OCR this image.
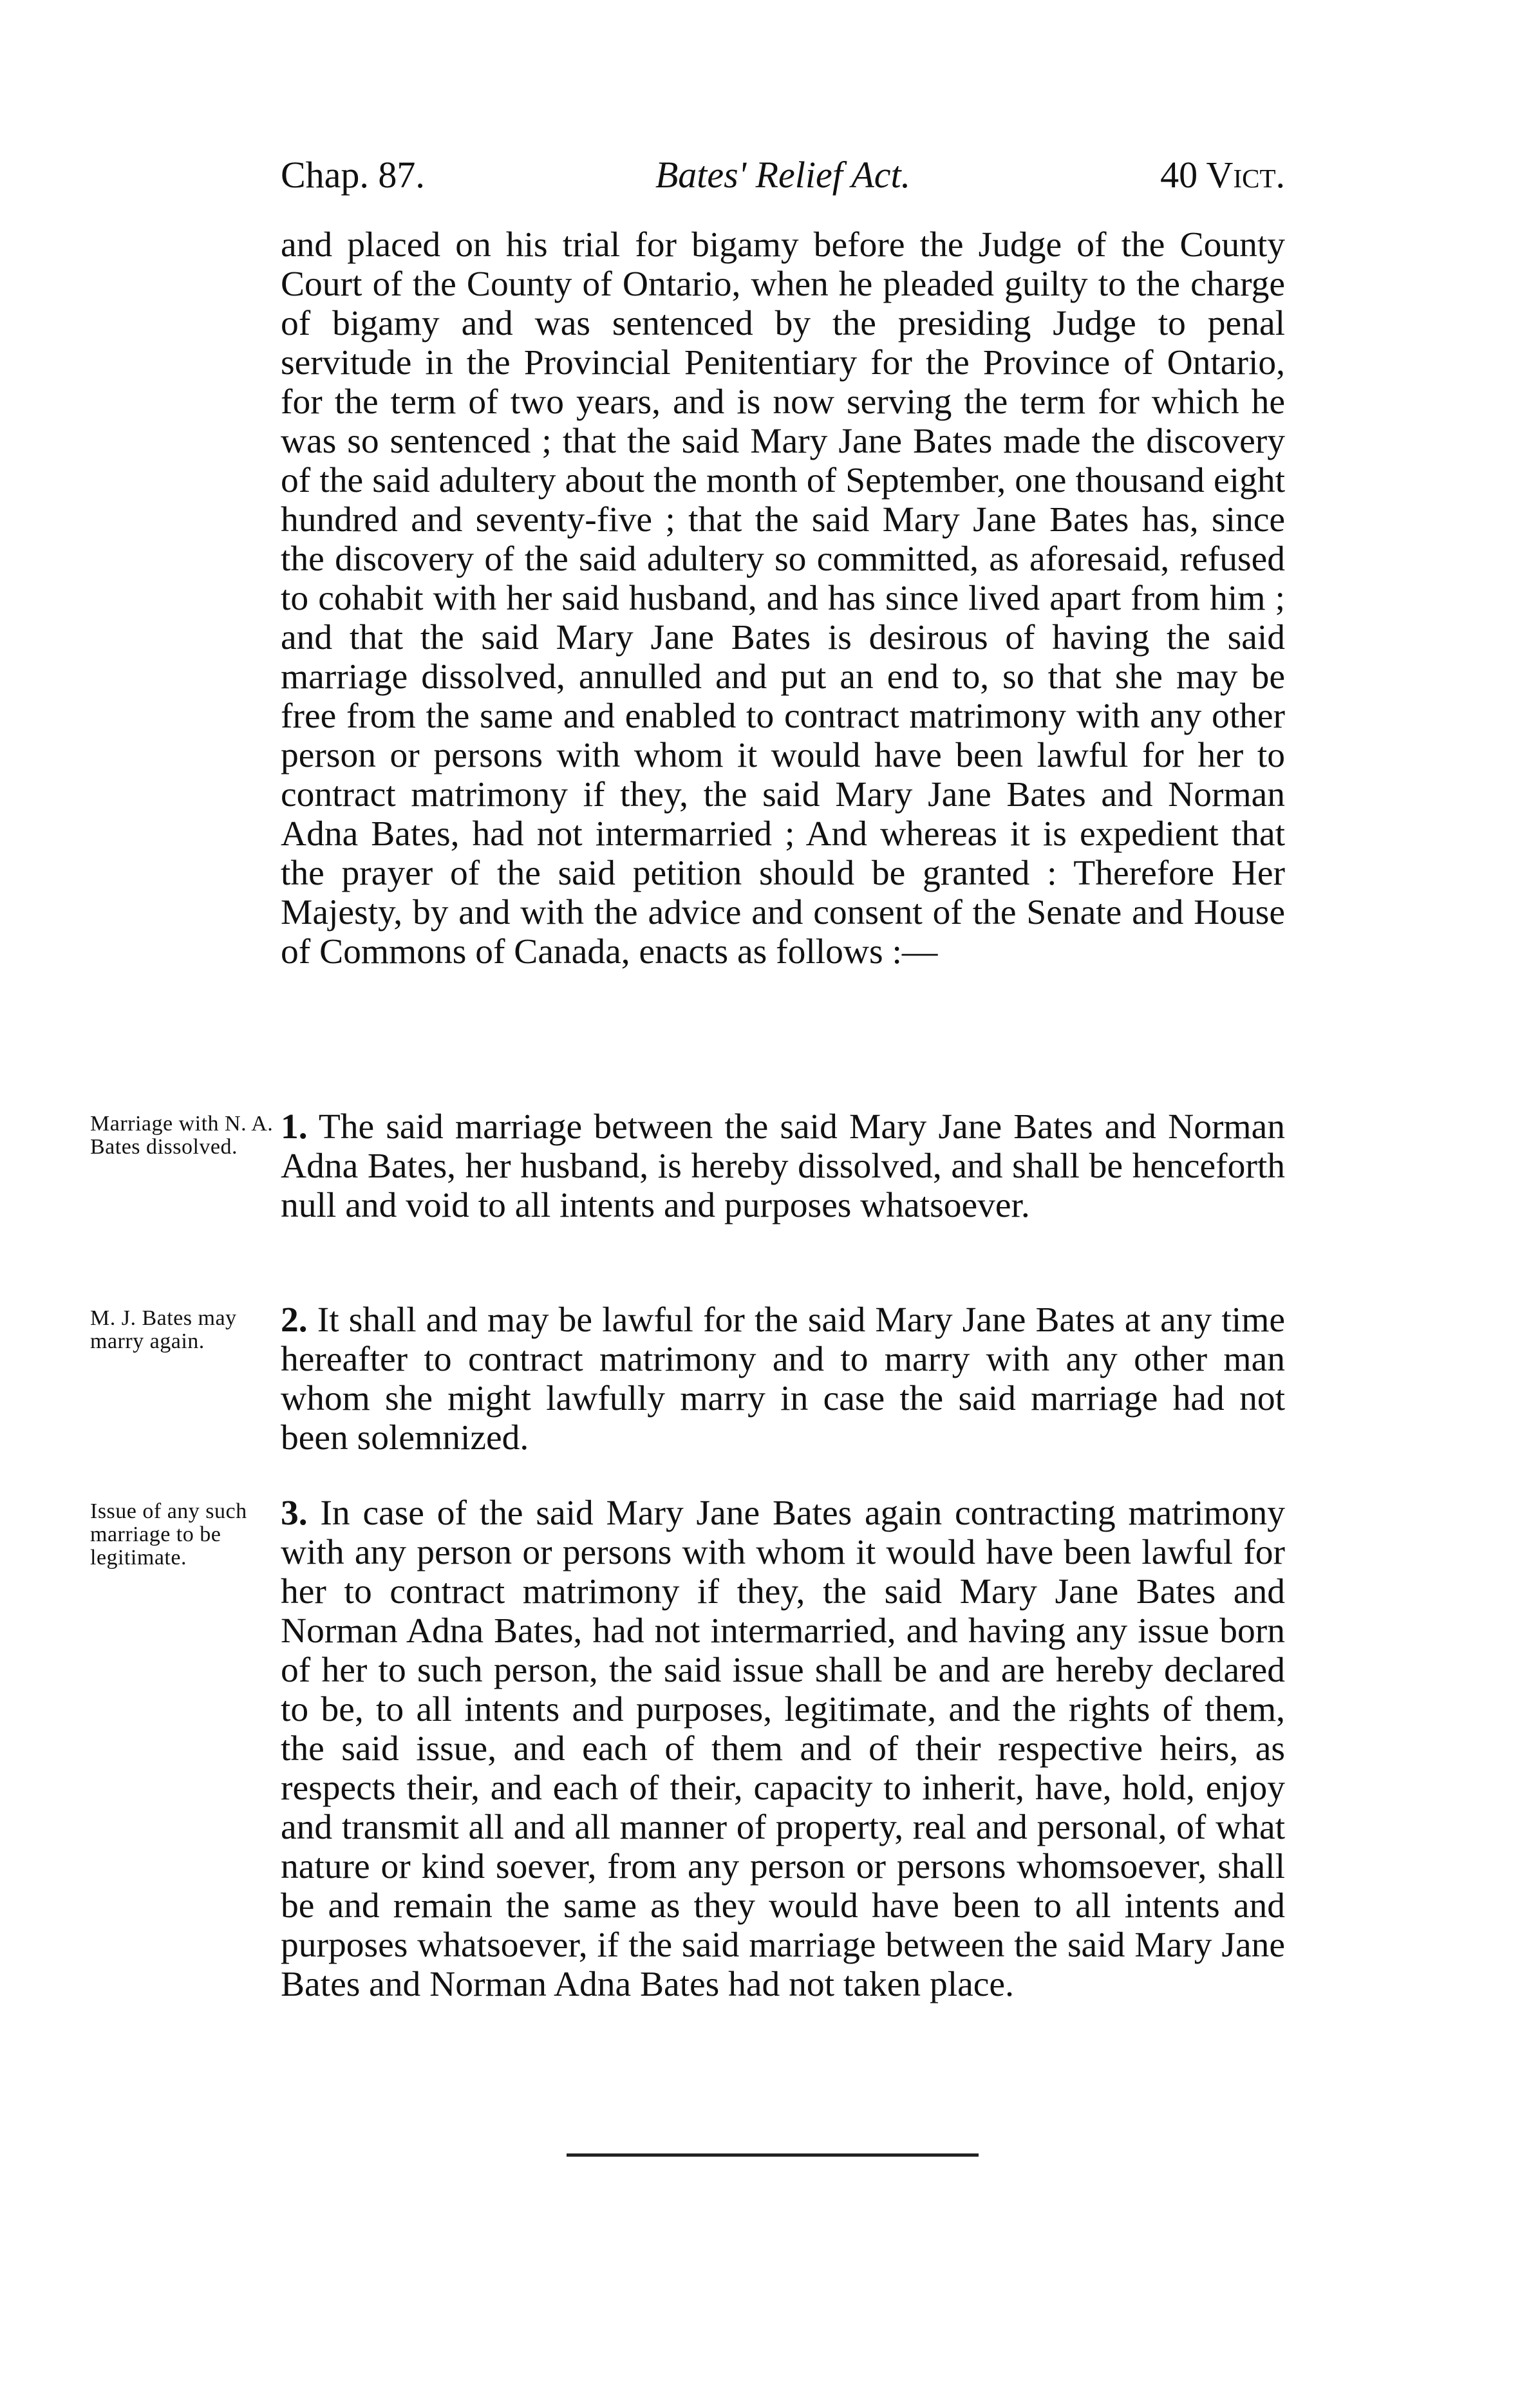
Chap. 87.	Bates' Relief Act.	40 Vict.

and placed on his trial for bigamy before the Judge of the County Court of the County of Ontario, when he pleaded guilty to the charge of bigamy and was sentenced by the presiding Judge to penal servitude in the Provincial Penitentiary for the Province of Ontario, for the term of two years, and is now serving the term for which he was so sentenced ; that the said Mary Jane Bates made the discovery of the said adultery about the month of September, one thousand eight hundred and seventy-five ; that the said Mary Jane Bates has, since the discovery of the said adultery so committed, as aforesaid, refused to cohabit with her said husband, and has since lived apart from him ; and that the said Mary Jane Bates is desirous of having the said marriage dissolved, annulled and put an end to, so that she may be free from the same and enabled to contract matrimony with any other person or persons with whom it would have been lawful for her to contract matrimony if they, the said Mary Jane Bates and Norman Adna Bates, had not intermarried ; And whereas it is expedient that the prayer of the said petition should be granted : Therefore Her Majesty, by and with the advice and consent of the Senate and House of Commons of Canada, enacts as follows :—

Marriage with N. A. Bates dissolved.

1. The said marriage between the said Mary Jane Bates and Norman Adna Bates, her husband, is hereby dissolved, and shall be henceforth null and void to all intents and purposes whatsoever.

M. J. Bates may marry again.

2. It shall and may be lawful for the said Mary Jane Bates at any time hereafter to contract matrimony and to marry with any other man whom she might lawfully marry in case the said marriage had not been solemnized.

Issue of any such marriage to be legitimate.

3. In case of the said Mary Jane Bates again contracting matrimony with any person or persons with whom it would have been lawful for her to contract matrimony if they, the said Mary Jane Bates and Norman Adna Bates, had not intermarried, and having any issue born of her to such person, the said issue shall be and are hereby declared to be, to all intents and purposes, legitimate, and the rights of them, the said issue, and each of them and of their respective heirs, as respects their, and each of their, capacity to inherit, have, hold, enjoy and transmit all and all manner of property, real and personal, of what nature or kind soever, from any person or persons whomsoever, shall be and remain the same as they would have been to all intents and purposes whatsoever, if the said marriage between the said Mary Jane Bates and Norman Adna Bates had not taken place.
